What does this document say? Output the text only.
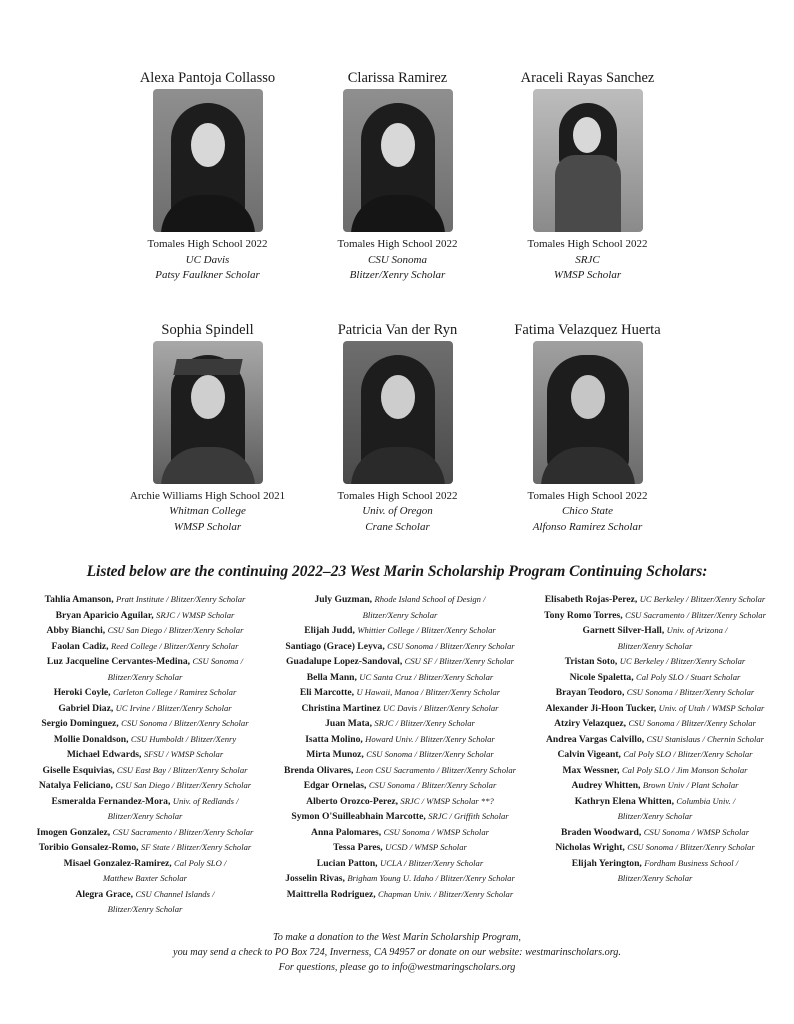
Alexa Pantoja Collasso
Tomales High School 2022
UC Davis
Patsy Faulkner Scholar
Clarissa Ramirez
Tomales High School 2022
CSU Sonoma
Blitzer/Xenry Scholar
Araceli Rayas Sanchez
Tomales High School 2022
SRJC
WMSP Scholar
Sophia Spindell
Archie Williams High School 2021
Whitman College
WMSP Scholar
Patricia Van der Ryn
Tomales High School 2022
Univ. of Oregon
Crane Scholar
Fatima Velazquez Huerta
Tomales High School 2022
Chico State
Alfonso Ramirez Scholar
Listed below are the continuing 2022–23 West Marin Scholarship Program Continuing Scholars:
Tahlia Amanson, Pratt Institute / Blitzer/Xenry Scholar
Bryan Aparicio Aguilar, SRJC / WMSP Scholar
Abby Bianchi, CSU San Diego / Blitzer/Xenry Scholar
Faolan Cadiz, Reed College / Blitzer/Xenry Scholar
Luz Jacqueline Cervantes-Medina, CSU Sonoma /
Blitzer/Xenry Scholar
Heroki Coyle, Carleton College / Ramirez Scholar
Gabriel Diaz, UC Irvine / Blitzer/Xenry Scholar
Sergio Dominguez, CSU Sonoma / Blitzer/Xenry Scholar
Mollie Donaldson, CSU Humboldt / Blitzer/Xenry
Michael Edwards, SFSU / WMSP Scholar
Giselle Esquivias, CSU East Bay / Blitzer/Xenry Scholar
Natalya Feliciano, CSU San Diego / Blitzer/Xenry Scholar
Esmeralda Fernandez-Mora, Univ. of Redlands /
Blitzer/Xenry Scholar
Imogen Gonzalez, CSU Sacramento / Blitzer/Xenry Scholar
Toribio Gonsalez-Romo, SF State / Blitzer/Xenry Scholar
Misael Gonzalez-Ramirez, Cal Poly SLO /
Matthew Baxter Scholar
Alegra Grace, CSU Channel Islands /
Blitzer/Xenry Scholar
July Guzman, Rhode Island School of Design /
Blitzer/Xenry Scholar
Elijah Judd, Whittier College / Blitzer/Xenry Scholar
Santiago (Grace) Leyva, CSU Sonoma / Blitzer/Xenry Scholar
Guadalupe Lopez-Sandoval, CSU SF / Blitzer/Xenry Scholar
Bella Mann, UC Santa Cruz / Blitzer/Xenry Scholar
Eli Marcotte, U Hawaii, Manoa / Blitzer/Xenry Scholar
Christina Martinez UC Davis / Blitzer/Xenry Scholar
Juan Mata, SRJC / Blitzer/Xenry Scholar
Isatta Molino, Howard Univ. / Blitzer/Xenry Scholar
Mirta Munoz, CSU Sonoma / Blitzer/Xenry Scholar
Brenda Olivares, Leon CSU Sacramento / Blitzer/Xenry Scholar
Edgar Ornelas, CSU Sonoma / Blitzer/Xenry Scholar
Alberto Orozco-Perez, SRJC / WMSP Scholar **?
Symon O'Suilleabhain Marcotte, SRJC / Griffith Scholar
Anna Palomares, CSU Sonoma / WMSP Scholar
Tessa Pares, UCSD / WMSP Scholar
Lucian Patton, UCLA / Blitzer/Xenry Scholar
Josselin Rivas, Brigham Young U. Idaho / Blitzer/Xenry Scholar
Maittrella Rodriguez, Chapman Univ. / Blitzer/Xenry Scholar
Elisabeth Rojas-Perez, UC Berkeley / Blitzer/Xenry Scholar
Tony Romo Torres, CSU Sacramento / Blitzer/Xenry Scholar
Garnett Silver-Hall, Univ. of Arizona /
Blitzer/Xenry Scholar
Tristan Soto, UC Berkeley / Blitzer/Xenry Scholar
Nicole Spaletta, Cal Poly SLO / Stuart Scholar
Brayan Teodoro, CSU Sonoma / Blitzer/Xenry Scholar
Alexander Ji-Hoon Tucker, Univ. of Utah / WMSP Scholar
Atziry Velazquez, CSU Sonoma / Blitzer/Xenry Scholar
Andrea Vargas Calvillo, CSU Stanislaus / Chernin Scholar
Calvin Vigeant, Cal Poly SLO / Blitzer/Xenry Scholar
Max Wessner, Cal Poly SLO / Jim Monson Scholar
Audrey Whitten, Brown Univ / Plant Scholar
Kathryn Elena Whitten, Columbia Univ. /
Blitzer/Xenry Scholar
Braden Woodward, CSU Sonoma / WMSP Scholar
Nicholas Wright, CSU Sonoma / Blitzer/Xenry Scholar
Elijah Yerington, Fordham Business School /
Blitzer/Xenry Scholar
To make a donation to the West Marin Scholarship Program,
you may send a check to PO Box 724, Inverness, CA 94957 or donate on our website: westmarinscholars.org.
For questions, please go to info@westmaringscholars.org
